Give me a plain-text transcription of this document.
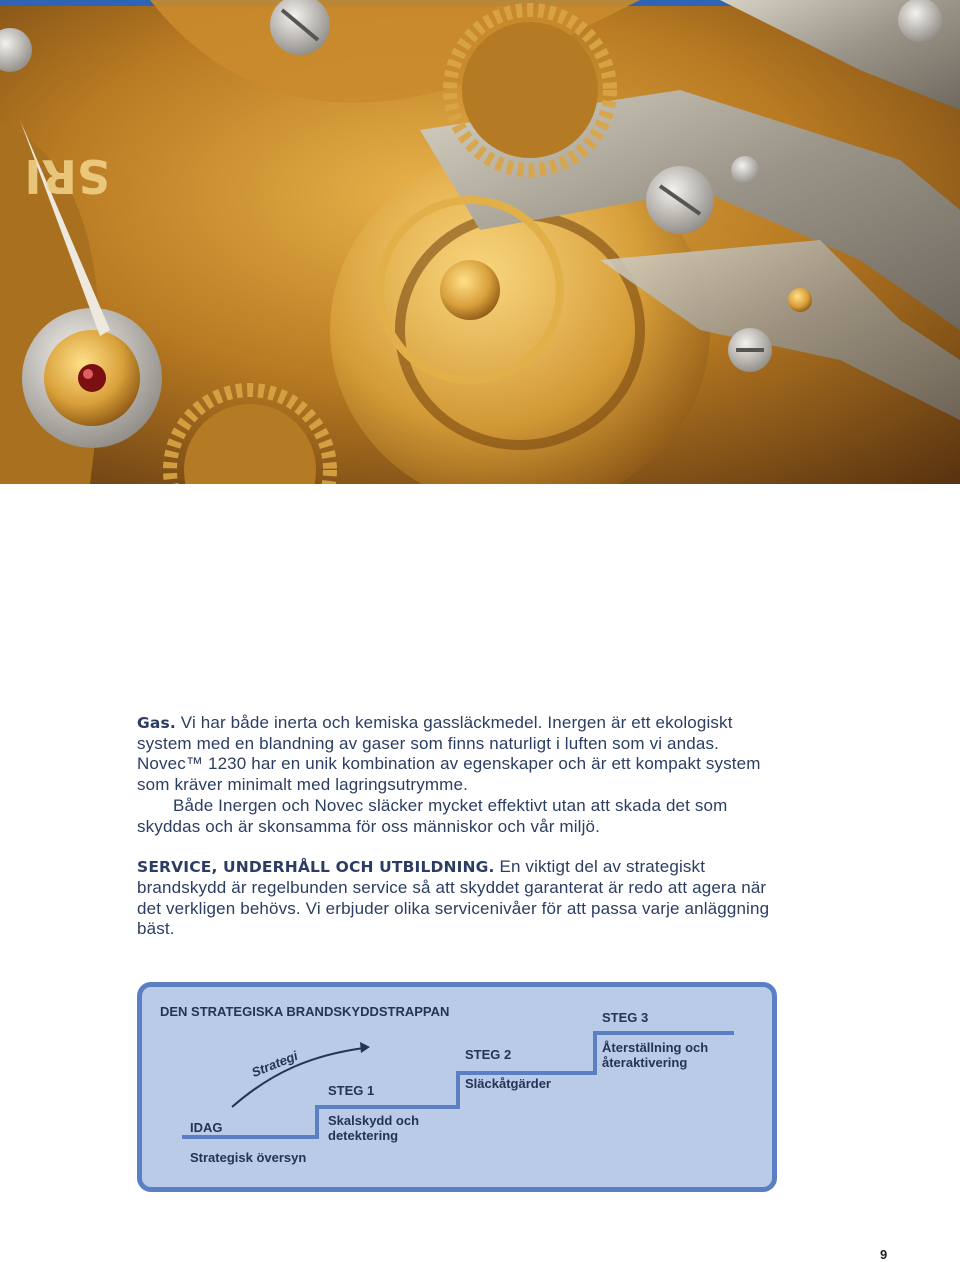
SRI

Gas. Vi har både inerta och kemiska gassläckmedel. Inergen är ett ekologiskt system med en blandning av gaser som finns naturligt i luften som vi andas. Novec™ 1230 har en unik kombination av egenskaper och är ett kompakt system som kräver minimalt med lagringsutrymme.

Både Inergen och Novec släcker mycket effektivt utan att skada det som skyddas och är skonsamma för oss människor och vår miljö.

SERVICE, UNDERHÅLL OCH UTBILDNING. En viktigt del av strategiskt brandskydd är regelbunden service så att skyddet garanterat är redo att agera när det verkligen behövs. Vi erbjuder olika servicenivåer för att passa varje anläggning bäst.

DEN STRATEGISKA BRANDSKYDDSTRAPPAN
Strategi
IDAG
Strategisk översyn
STEG 1
Skalskydd och detektering
STEG 2
Släckåtgärder
STEG 3
Återställning och återaktivering
9
